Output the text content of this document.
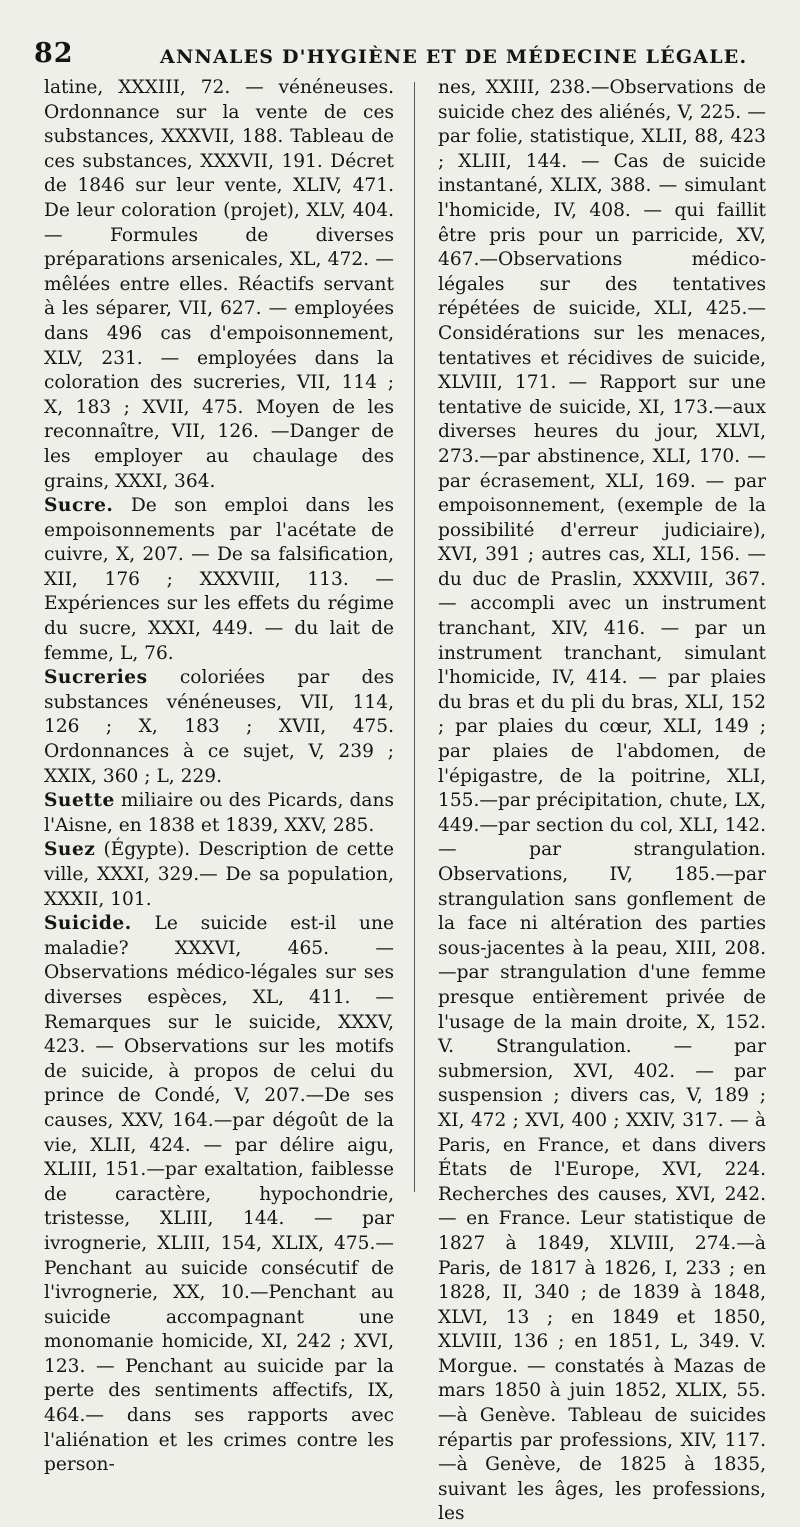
82	ANNALES D'HYGIÈNE ET DE MÉDECINE LÉGALE.

latine, XXXIII, 72. — vénéneuses. Ordonnance sur la vente de ces substances, XXXVII, 188. Tableau de ces substances, XXXVII, 191. Décret de 1846 sur leur vente, XLIV, 471. De leur coloration (projet), XLV, 404. — Formules de diverses préparations arsenicales, XL, 472. — mêlées entre elles. Réactifs servant à les séparer, VII, 627. — employées dans 496 cas d'empoisonnement, XLV, 231. — employées dans la coloration des sucreries, VII, 114 ; X, 183 ; XVII, 475. Moyen de les reconnaître, VII, 126. —Danger de les employer au chaulage des grains, XXXI, 364.

Sucre. De son emploi dans les empoisonnements par l'acétate de cuivre, X, 207. — De sa falsification, XII, 176 ; XXXVIII, 113. — Expériences sur les effets du régime du sucre, XXXI, 449. — du lait de femme, L, 76.

Sucreries coloriées par des substances vénéneuses, VII, 114, 126 ; X, 183 ; XVII, 475. Ordonnances à ce sujet, V, 239 ; XXIX, 360 ; L, 229.

Suette miliaire ou des Picards, dans l'Aisne, en 1838 et 1839, XXV, 285.

Suez (Égypte). Description de cette ville, XXXI, 329.— De sa population, XXXII, 101.

Suicide. Le suicide est-il une maladie? XXXVI, 465. —Observations médico-légales sur ses diverses espèces, XL, 411. — Remarques sur le suicide, XXXV, 423. — Observations sur les motifs de suicide, à propos de celui du prince de Condé, V, 207.—De ses causes, XXV, 164.—par dégoût de la vie, XLII, 424. — par délire aigu, XLIII, 151.—par exaltation, faiblesse de caractère, hypochondrie, tristesse, XLIII, 144. — par ivrognerie, XLIII, 154, XLIX, 475.—Penchant au suicide consécutif de l'ivrognerie, XX, 10.—Penchant au suicide accompagnant une monomanie homicide, XI, 242 ; XVI, 123. — Penchant au suicide par la perte des sentiments affectifs, IX, 464.— dans ses rapports avec l'aliénation et les crimes contre les person-

nes, XXIII, 238.—Observations de suicide chez des aliénés, V, 225. — par folie, statistique, XLII, 88, 423 ; XLIII, 144. — Cas de suicide instantané, XLIX, 388. — simulant l'homicide, IV, 408. — qui faillit être pris pour un parricide, XV, 467.—Observations médico-légales sur des tentatives répétées de suicide, XLI, 425.—Considérations sur les menaces, tentatives et récidives de suicide, XLVIII, 171. — Rapport sur une tentative de suicide, XI, 173.—aux diverses heures du jour, XLVI, 273.—par abstinence, XLI, 170. — par écrasement, XLI, 169. — par empoisonnement, (exemple de la possibilité d'erreur judiciaire), XVI, 391 ; autres cas, XLI, 156. — du duc de Praslin, XXXVIII, 367. — accompli avec un instrument tranchant, XIV, 416. — par un instrument tranchant, simulant l'homicide, IV, 414. — par plaies du bras et du pli du bras, XLI, 152 ; par plaies du cœur, XLI, 149 ; par plaies de l'abdomen, de l'épigastre, de la poitrine, XLI, 155.—par précipitation, chute, LX, 449.—par section du col, XLI, 142. — par strangulation. Observations, IV, 185.—par strangulation sans gonflement de la face ni altération des parties sous-jacentes à la peau, XIII, 208.—par strangulation d'une femme presque entièrement privée de l'usage de la main droite, X, 152. V. Strangulation. — par submersion, XVI, 402. — par suspension ; divers cas, V, 189 ; XI, 472 ; XVI, 400 ; XXIV, 317. — à Paris, en France, et dans divers États de l'Europe, XVI, 224. Recherches des causes, XVI, 242. — en France. Leur statistique de 1827 à 1849, XLVIII, 274.—à Paris, de 1817 à 1826, I, 233 ; en 1828, II, 340 ; de 1839 à 1848, XLVI, 13 ; en 1849 et 1850, XLVIII, 136 ; en 1851, L, 349. V. Morgue. — constatés à Mazas de mars 1850 à juin 1852, XLIX, 55.—à Genève. Tableau de suicides répartis par professions, XIV, 117.—à Genève, de 1825 à 1835, suivant les âges, les professions, les
